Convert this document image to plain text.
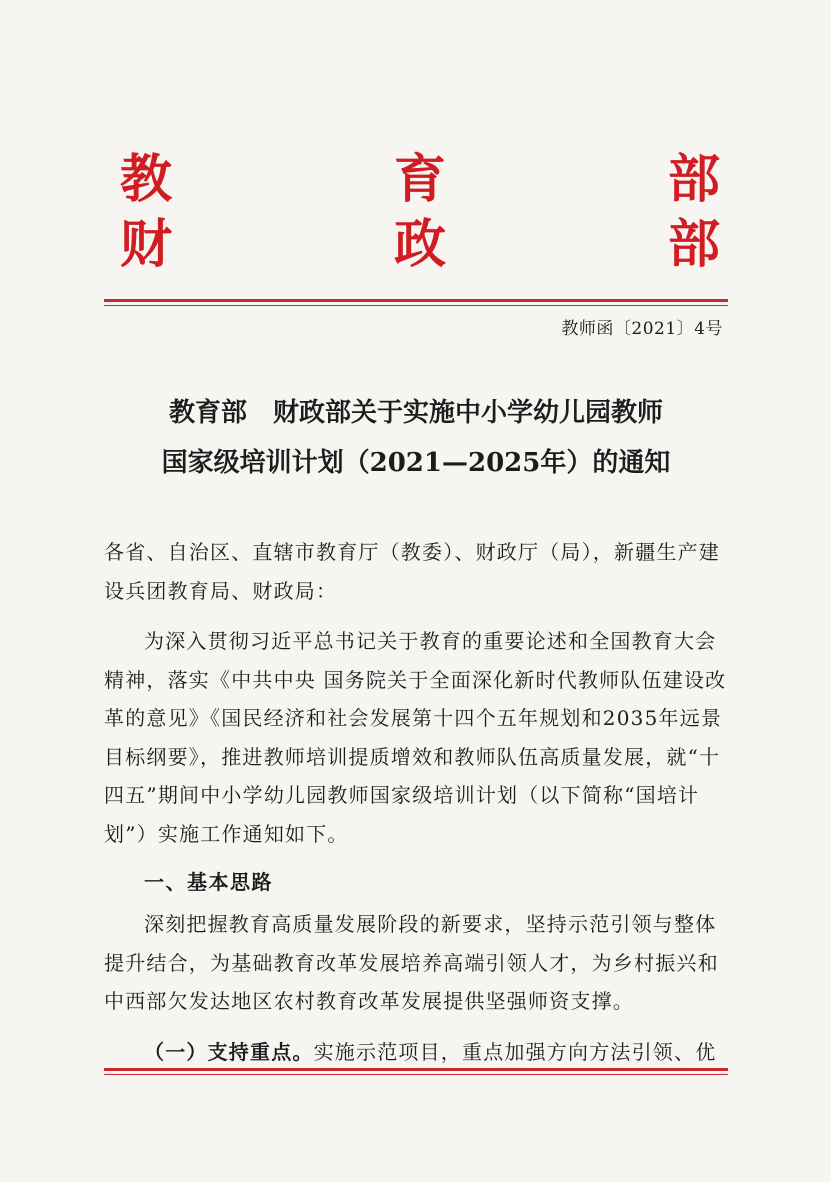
教	育	部
财	政	部
教师函〔2021〕4号
教育部　财政部关于实施中小学幼儿园教师
国家级培训计划（2021—2025年）的通知
各省、自治区、直辖市教育厅（教委）、财政厅（局），新疆生产建设兵团教育局、财政局：
为深入贯彻习近平总书记关于教育的重要论述和全国教育大会精神，落实《中共中央 国务院关于全面深化新时代教师队伍建设改革的意见》《国民经济和社会发展第十四个五年规划和2035年远景目标纲要》，推进教师培训提质增效和教师队伍高质量发展，就“十四五”期间中小学幼儿园教师国家级培训计划（以下简称“国培计划”）实施工作通知如下。
一、基本思路
深刻把握教育高质量发展阶段的新要求，坚持示范引领与整体提升结合，为基础教育改革发展培养高端引领人才，为乡村振兴和中西部欠发达地区农村教育改革发展提供坚强师资支撑。
（一）支持重点。实施示范项目，重点加强方向方法引领、优
